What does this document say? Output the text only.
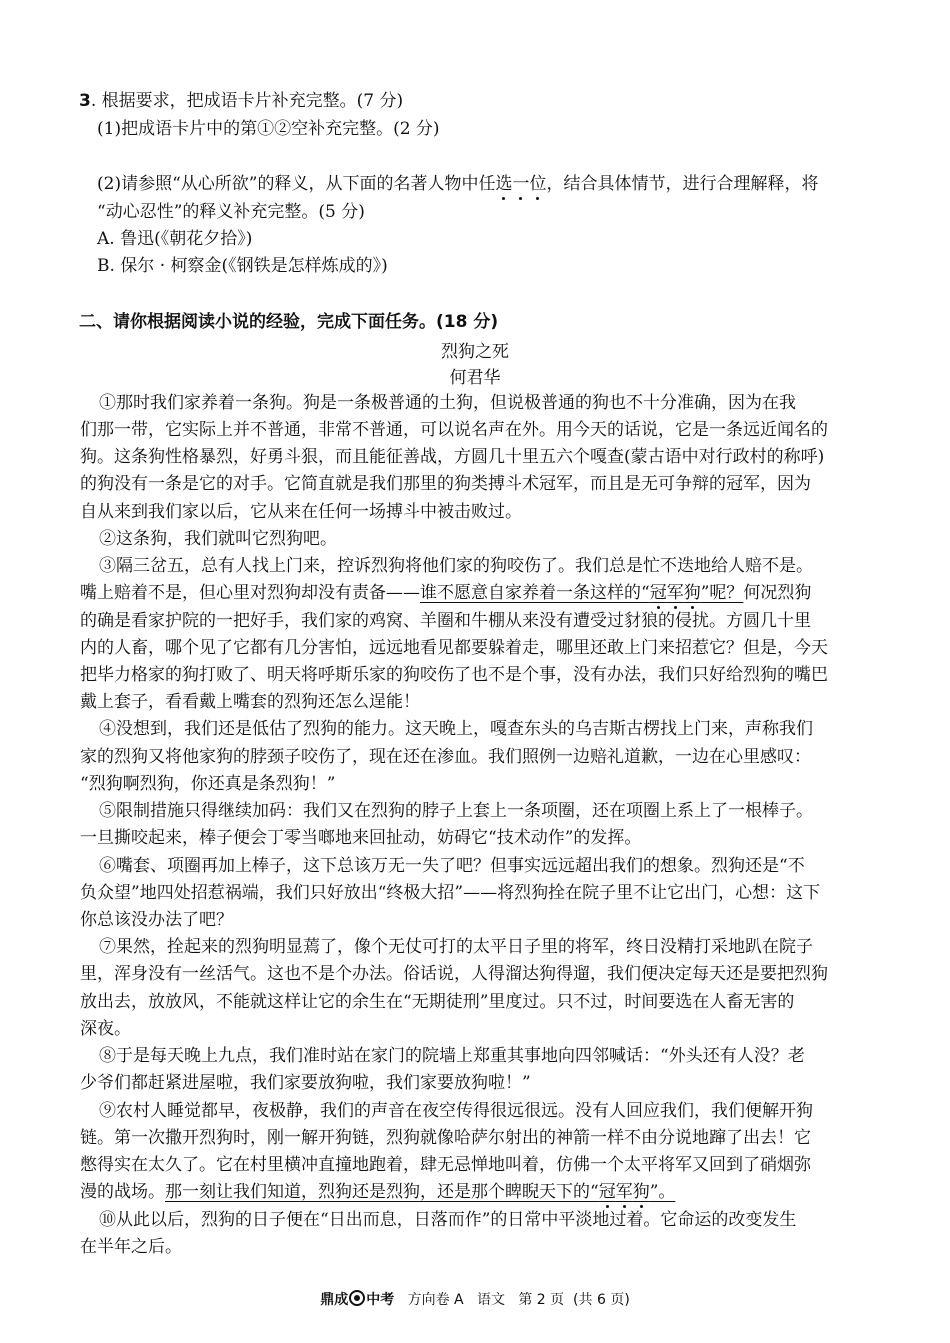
3. 根据要求，把成语卡片补充完整。(7 分)
(1)把成语卡片中的第①②空补充完整。(2 分)
(2)请参照“从心所欲”的释义，从下面的名著人物中任选一位，结合具体情节，进行合理解释，将
“动心忍性”的释义补充完整。(5 分)
A. 鲁迅(《朝花夕拾》)
B. 保尔 · 柯察金(《钢铁是怎样炼成的》)
二、请你根据阅读小说的经验，完成下面任务。(18 分)
烈狗之死
何君华
①那时我们家养着一条狗。狗是一条极普通的土狗，但说极普通的狗也不十分准确，因为在我
们那一带，它实际上并不普通，非常不普通，可以说名声在外。用今天的话说，它是一条远近闻名的
狗。这条狗性格暴烈，好勇斗狠，而且能征善战，方圆几十里五六个嘎查(蒙古语中对行政村的称呼)
的狗没有一条是它的对手。它简直就是我们那里的狗类搏斗术冠军，而且是无可争辩的冠军，因为
自从来到我们家以后，它从来在任何一场搏斗中被击败过。
②这条狗，我们就叫它烈狗吧。
③隔三岔五，总有人找上门来，控诉烈狗将他们家的狗咬伤了。我们总是忙不迭地给人赔不是。
嘴上赔着不是，但心里对烈狗却没有责备——谁不愿意自家养着一条这样的“冠军狗”呢？何况烈狗
的确是看家护院的一把好手，我们家的鸡窝、羊圈和牛棚从来没有遭受过豺狼的侵扰。方圆几十里
内的人畜，哪个见了它都有几分害怕，远远地看见都要躲着走，哪里还敢上门来招惹它？但是，今天
把毕力格家的狗打败了、明天将呼斯乐家的狗咬伤了也不是个事，没有办法，我们只好给烈狗的嘴巴
戴上套子，看看戴上嘴套的烈狗还怎么逞能！
④没想到，我们还是低估了烈狗的能力。这天晚上，嘎查东头的乌吉斯古楞找上门来，声称我们
家的烈狗又将他家狗的脖颈子咬伤了，现在还在渗血。我们照例一边赔礼道歉，一边在心里感叹：
“烈狗啊烈狗，你还真是条烈狗！”
⑤限制措施只得继续加码：我们又在烈狗的脖子上套上一条项圈，还在项圈上系上了一根棒子。
一旦撕咬起来，棒子便会丁零当啷地来回扯动，妨碍它“技术动作”的发挥。
⑥嘴套、项圈再加上棒子，这下总该万无一失了吧？但事实远远超出我们的想象。烈狗还是“不
负众望”地四处招惹祸端，我们只好放出“终极大招”——将烈狗拴在院子里不让它出门，心想：这下
你总该没办法了吧？
⑦果然，拴起来的烈狗明显蔫了，像个无仗可打的太平日子里的将军，终日没精打采地趴在院子
里，浑身没有一丝活气。这也不是个办法。俗话说，人得溜达狗得遛，我们便决定每天还是要把烈狗
放出去，放放风，不能就这样让它的余生在“无期徒刑”里度过。只不过，时间要选在人畜无害的
深夜。
⑧于是每天晚上九点，我们准时站在家门的院墙上郑重其事地向四邻喊话：“外头还有人没？老
少爷们都赶紧进屋啦，我们家要放狗啦，我们家要放狗啦！”
⑨农村人睡觉都早，夜极静，我们的声音在夜空传得很远很远。没有人回应我们，我们便解开狗
链。第一次撒开烈狗时，刚一解开狗链，烈狗就像哈萨尔射出的神箭一样不由分说地蹿了出去！它
憋得实在太久了。它在村里横冲直撞地跑着，肆无忌惮地叫着，仿佛一个太平将军又回到了硝烟弥
漫的战场。那一刻让我们知道，烈狗还是烈狗，还是那个睥睨天下的“冠军狗”。
⑩从此以后，烈狗的日子便在“日出而息，日落而作”的日常中平淡地过着。它命运的改变发生
在半年之后。
鼎成 中考 方向卷 A 语文 第 2 页 (共 6 页)
